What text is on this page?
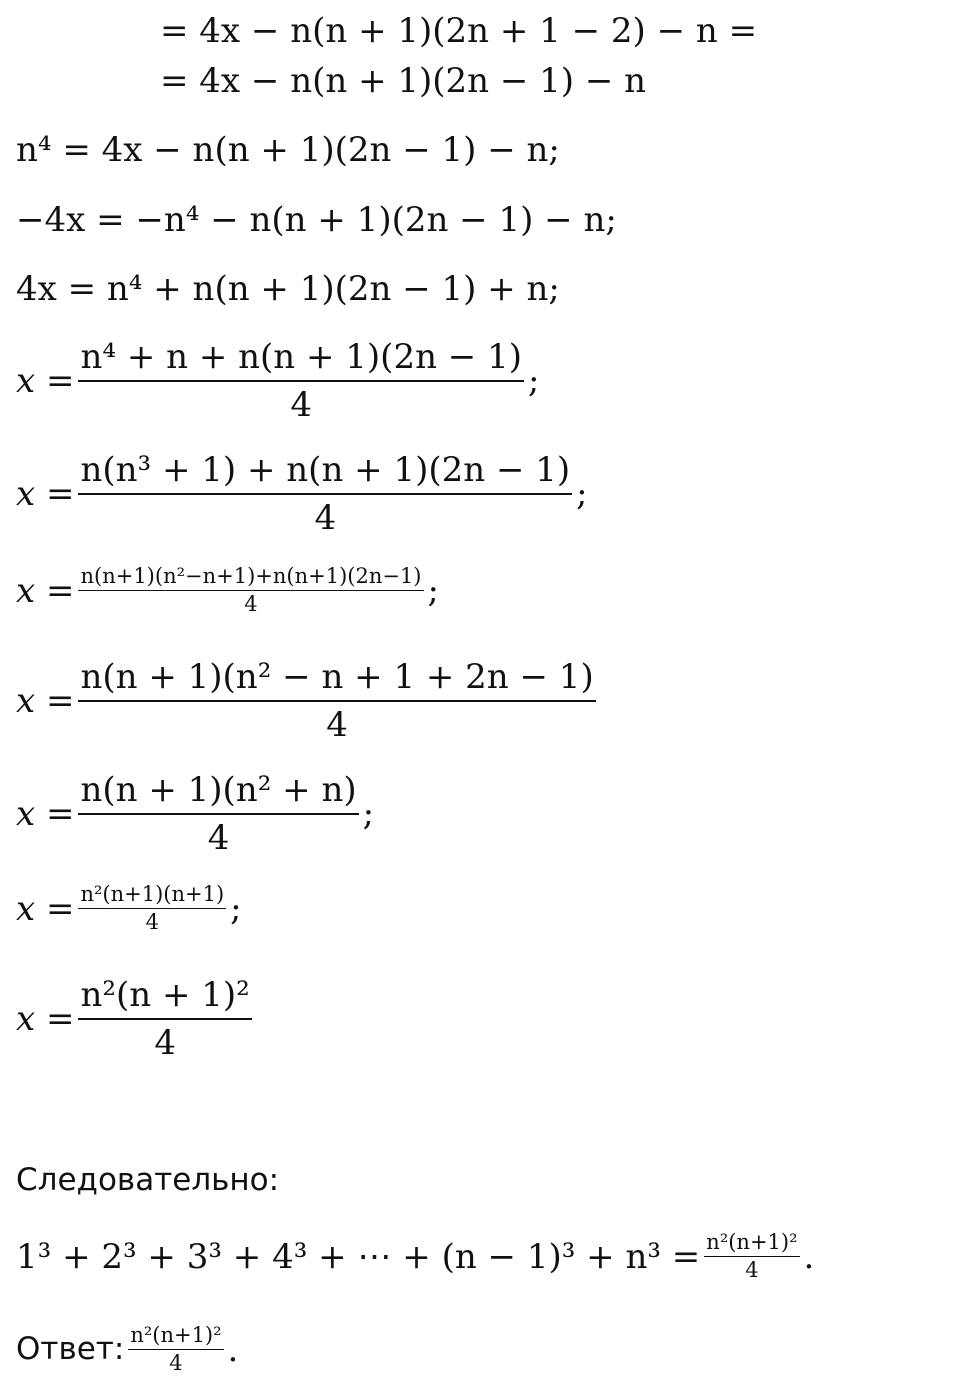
= 4x − n(n + 1)(2n + 1 − 2) − n =
= 4x − n(n + 1)(2n − 1) − n
n⁴ = 4x − n(n + 1)(2n − 1) − n;
−4x = −n⁴ − n(n + 1)(2n − 1) − n;
4x = n⁴ + n(n + 1)(2n − 1) + n;
$x = \frac{\text{n⁴ + n + n(n + 1)(2n − 1)}}{4}$ ;
$x = \frac{\text{n(n³ + 1) + n(n + 1)(2n − 1)}}{4}$ ;
$x = \frac{\text{n(n+1)(n²−n+1)+n(n+1)(2n−1)}}{4}$ ;
$x = \frac{\text{n(n + 1)(n² − n + 1 + 2n − 1)}}{4}$
$x = \frac{\text{n(n + 1)(n² + n)}}{4}$ ;
$x = \frac{\text{n²(n+1)(n+1)}}{4}$ ;
$x = \frac{\text{n²(n + 1)²}}{4}$
Следовательно:
1³ + 2³ + 3³ + 4³ + ⋯ + $(n - 1)^3 + n^3 = \frac{\text{n²(n+1)²}}{4}$ .
Ответ: $\frac{\text{n²(n+1)²}}{4}$ .
